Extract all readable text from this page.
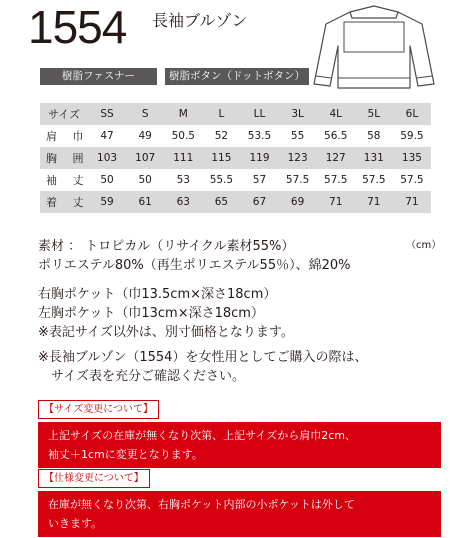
1554 長袖ブルゾン
樹脂ファスナー	樹脂ボタン（ドットボタン）
サイズ	SS	S	M	L	LL	3L	4L	5L	6L
肩 巾	47	49	50.5	52	53.5	55	56.5	58	59.5
胸 囲	103	107	111	115	119	123	127	131	135
袖 丈	50	50	53	55.5	57	57.5	57.5	57.5	57.5
着 丈	59	61	63	65	67	69	71	71	71
（cm）
素材 ： トロピカル（リサイクル素材55%）
ポリエステル80%（再生ポリエステル55％）、綿20%
右胸ポケット（巾13.5cm×深さ18cm）
左胸ポケット（巾13cm×深さ18cm）
※表記サイズ以外は、別寸価格となります。
※長袖ブルゾン（1554）を女性用としてご購入の際は、
　サイズ表を充分ご確認ください。
【サイズ変更について】
上記サイズの在庫が無くなり次第、上記サイズから肩巾2cm、
袖丈＋1cmに変更となります。
【仕様変更について】
在庫が無くなり次第、右胸ポケット内部の小ポケットは外して
いきます。
